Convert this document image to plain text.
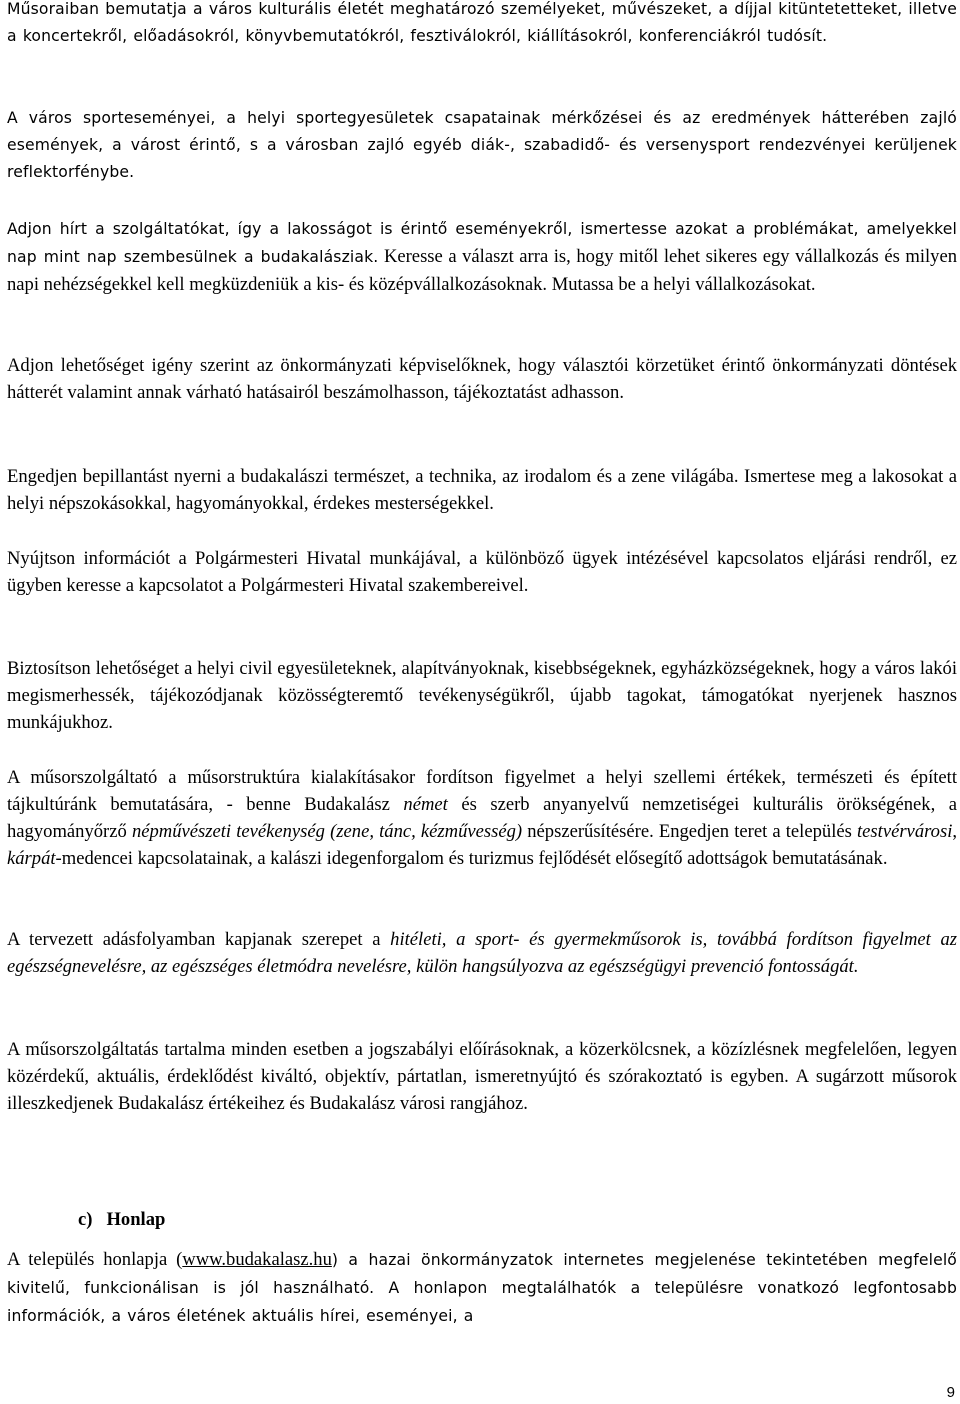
Műsoraiban bemutatja a város kulturális életét meghatározó személyeket, művészeket, a díjjal kitüntetetteket, illetve a koncertekről, előadásokról, könyvbemutatókról, fesztiválokról, kiállításokról, konferenciákról tudósít.

A város sporteseményei, a helyi sportegyesületek csapatainak mérkőzései és az eredmények hátterében zajló események, a várost érintő, s a városban zajló egyéb diák-, szabadidő- és versenysport rendezvényei kerüljenek reflektorfénybe.

Adjon hírt a szolgáltatókat, így a lakosságot is érintő eseményekről, ismertesse azokat a problémákat, amelyekkel nap mint nap szembesülnek a budakalásziak. Keresse a választ arra is, hogy mitől lehet sikeres egy vállalkozás és milyen napi nehézségekkel kell megküzdeniük a kis- és középvállalkozásoknak. Mutassa be a helyi vállalkozásokat.

Adjon lehetőséget igény szerint az önkormányzati képviselőknek, hogy választói körzetüket érintő önkormányzati döntések hátterét valamint annak várható hatásairól beszámolhasson, tájékoztatást adhasson.

Engedjen bepillantást nyerni a budakalászi természet, a technika, az irodalom és a zene világába. Ismertese meg a lakosokat a helyi népszokásokkal, hagyományokkal, érdekes mesterségekkel.

Nyújtson információt a Polgármesteri Hivatal munkájával, a különböző ügyek intézésével kapcsolatos eljárási rendről, ez ügyben keresse a kapcsolatot a Polgármesteri Hivatal szakembereivel.

Biztosítson lehetőséget a helyi civil egyesületeknek, alapítványoknak, kisebbségeknek, egyházközségeknek, hogy a város lakói megismerhessék, tájékozódjanak közösségteremtő tevékenységükről, újabb tagokat, támogatókat nyerjenek hasznos munkájukhoz.

A műsorszolgáltató a műsorstruktúra kialakításakor fordítson figyelmet a helyi szellemi értékek, természeti és épített tájkultúránk bemutatására, - benne Budakalász német és szerb anyanyelvű nemzetiségei kulturális örökségének, a hagyományőrző népművészeti tevékenység (zene, tánc, kézművesség) népszerűsítésére. Engedjen teret a település testvérvárosi, kárpát-medencei kapcsolatainak, a kalászi idegenforgalom és turizmus fejlődését elősegítő adottságok bemutatásának.

A tervezett adásfolyamban kapjanak szerepet a hitéleti, a sport- és gyermekműsorok is, továbbá fordítson figyelmet az egészségnevelésre, az egészséges életmódra nevelésre, külön hangsúlyozva az egészségügyi prevenció fontosságát.

A műsorszolgáltatás tartalma minden esetben a jogszabályi előírásoknak, a közerkölcsnek, a közízlésnek megfelelően, legyen közérdekű, aktuális, érdeklődést kiváltó, objektív, pártatlan, ismeretnyújtó és szórakoztató is egyben. A sugárzott műsorok illeszkedjenek Budakalász értékeihez és Budakalász városi rangjához.

c) Honlap

A település honlapja (www.budakalasz.hu) a hazai önkormányzatok internetes megjelenése tekintetében megfelelő kivitelű, funkcionálisan is jól használható. A honlapon megtalálhatók a településre vonatkozó legfontosabb információk, a város életének aktuális hírei, eseményei, a

9
